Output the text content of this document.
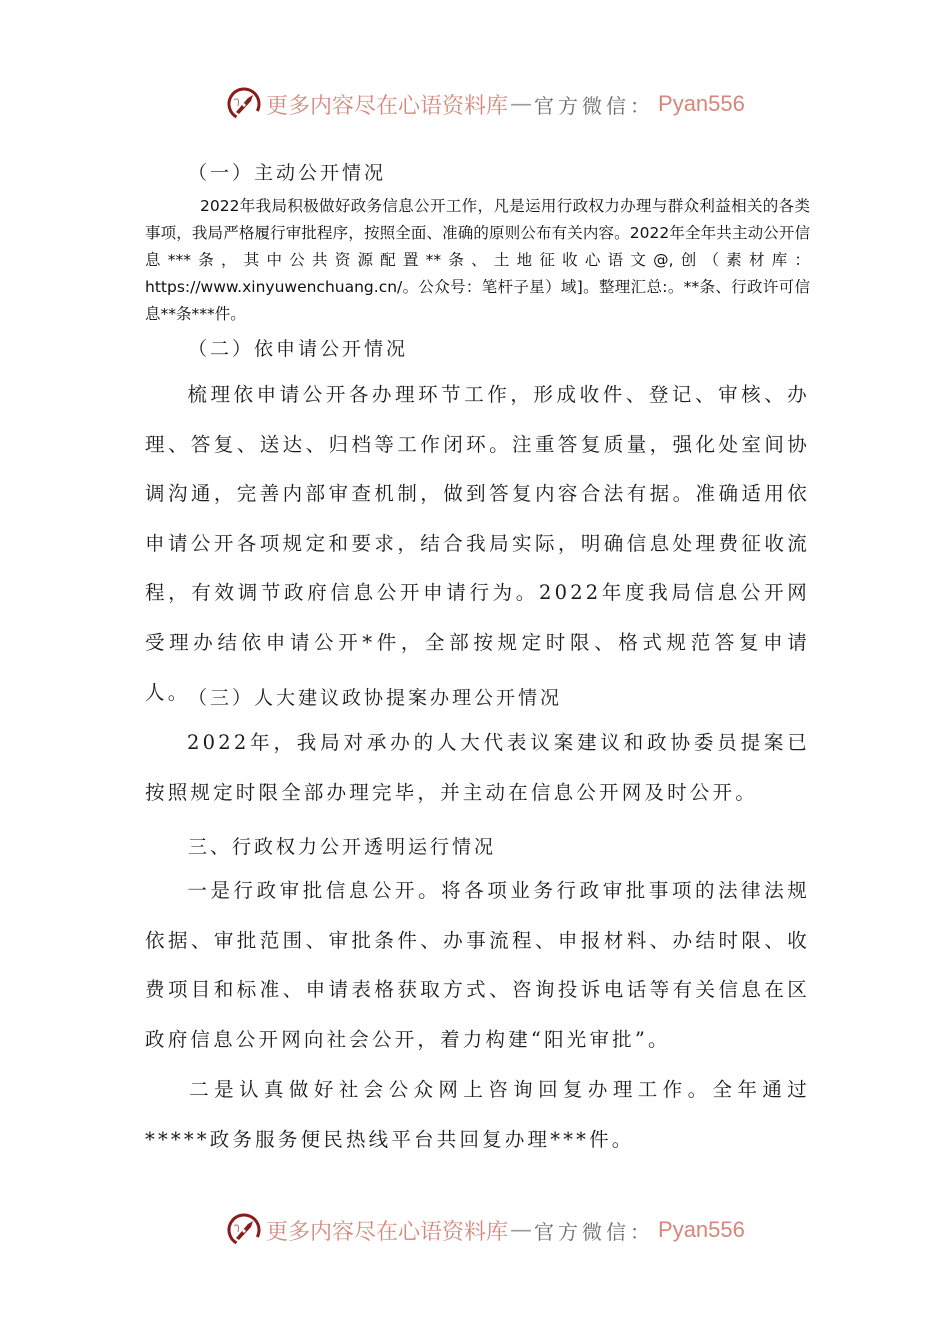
更多内容尽在心语资料库 — 官方微信： Pyan556
（一）主动公开情况
2022年我局积极做好政务信息公开工作，凡是运用行政权力办理与群众利益相关的各类事项，我局严格履行审批程序，按照全面、准确的原则公布有关内容。2022年全年共主动公开信息***条，其中公共资源配置**条、土地征收心语文@,创（素材库：https://www.xinyuwenchuang.cn/。公众号：笔杆子星）域]。整理汇总:。**条、行政许可信息**条***件。
（二）依申请公开情况
梳理依申请公开各办理环节工作，形成收件、登记、审核、办理、答复、送达、归档等工作闭环。注重答复质量，强化处室间协调沟通，完善内部审查机制，做到答复内容合法有据。准确适用依申请公开各项规定和要求，结合我局实际，明确信息处理费征收流程，有效调节政府信息公开申请行为。2022年度我局信息公开网受理办结依申请公开*件，全部按规定时限、格式规范答复申请人。
（三）人大建议政协提案办理公开情况
2022年，我局对承办的人大代表议案建议和政协委员提案已按照规定时限全部办理完毕，并主动在信息公开网及时公开。
三、行政权力公开透明运行情况
一是行政审批信息公开。将各项业务行政审批事项的法律法规依据、审批范围、审批条件、办事流程、申报材料、办结时限、收费项目和标准、申请表格获取方式、咨询投诉电话等有关信息在区政府信息公开网向社会公开，着力构建“阳光审批”。
二是认真做好社会公众网上咨询回复办理工作。全年通过*****政务服务便民热线平台共回复办理***件。
更多内容尽在心语资料库 — 官方微信： Pyan556
